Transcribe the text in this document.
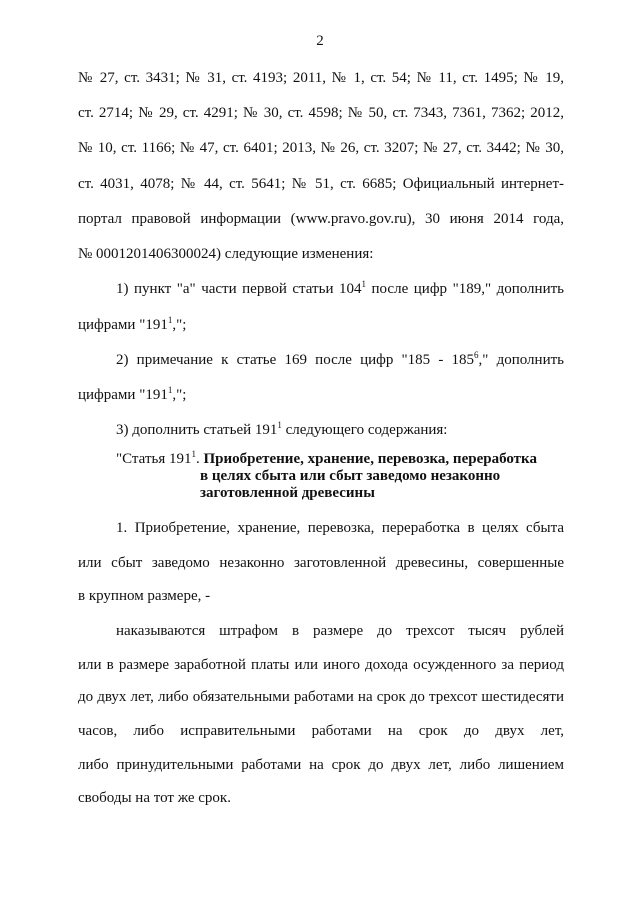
2
№ 27, ст. 3431; № 31, ст. 4193; 2011, № 1, ст. 54; № 11, ст. 1495; № 19,
ст. 2714; № 29, ст. 4291; № 30, ст. 4598; № 50, ст. 7343, 7361, 7362; 2012,
№ 10, ст. 1166; № 47, ст. 6401; 2013, № 26, ст. 3207; № 27, ст. 3442; № 30,
ст. 4031, 4078; № 44, ст. 5641; № 51, ст. 6685; Официальный интернет-
портал правовой информации (www.pravo.gov.ru), 30 июня 2014 года,
№ 0001201406300024) следующие изменения:
1) пункт "а" части первой статьи $104^1$ после цифр "189," дополнить
цифрами "$191^1$,";
2) примечание к статье 169 после цифр "$185 - 185^6$," дополнить
цифрами "$191^1$,";
3) дополнить статьей $191^1$ следующего содержания:
"Статья $191^1$. Приобретение, хранение, перевозка, переработка
в целях сбыта или сбыт заведомо незаконно
заготовленной древесины
1. Приобретение, хранение, перевозка, переработка в целях сбыта
или сбыт заведомо незаконно заготовленной древесины, совершенные
в крупном размере, -
наказываются штрафом в размере до трехсот тысяч рублей
или в размере заработной платы или иного дохода осужденного за период
до двух лет, либо обязательными работами на срок до трехсот шестидесяти
часов, либо исправительными работами на срок до двух лет,
либо принудительными работами на срок до двух лет, либо лишением
свободы на тот же срок.
